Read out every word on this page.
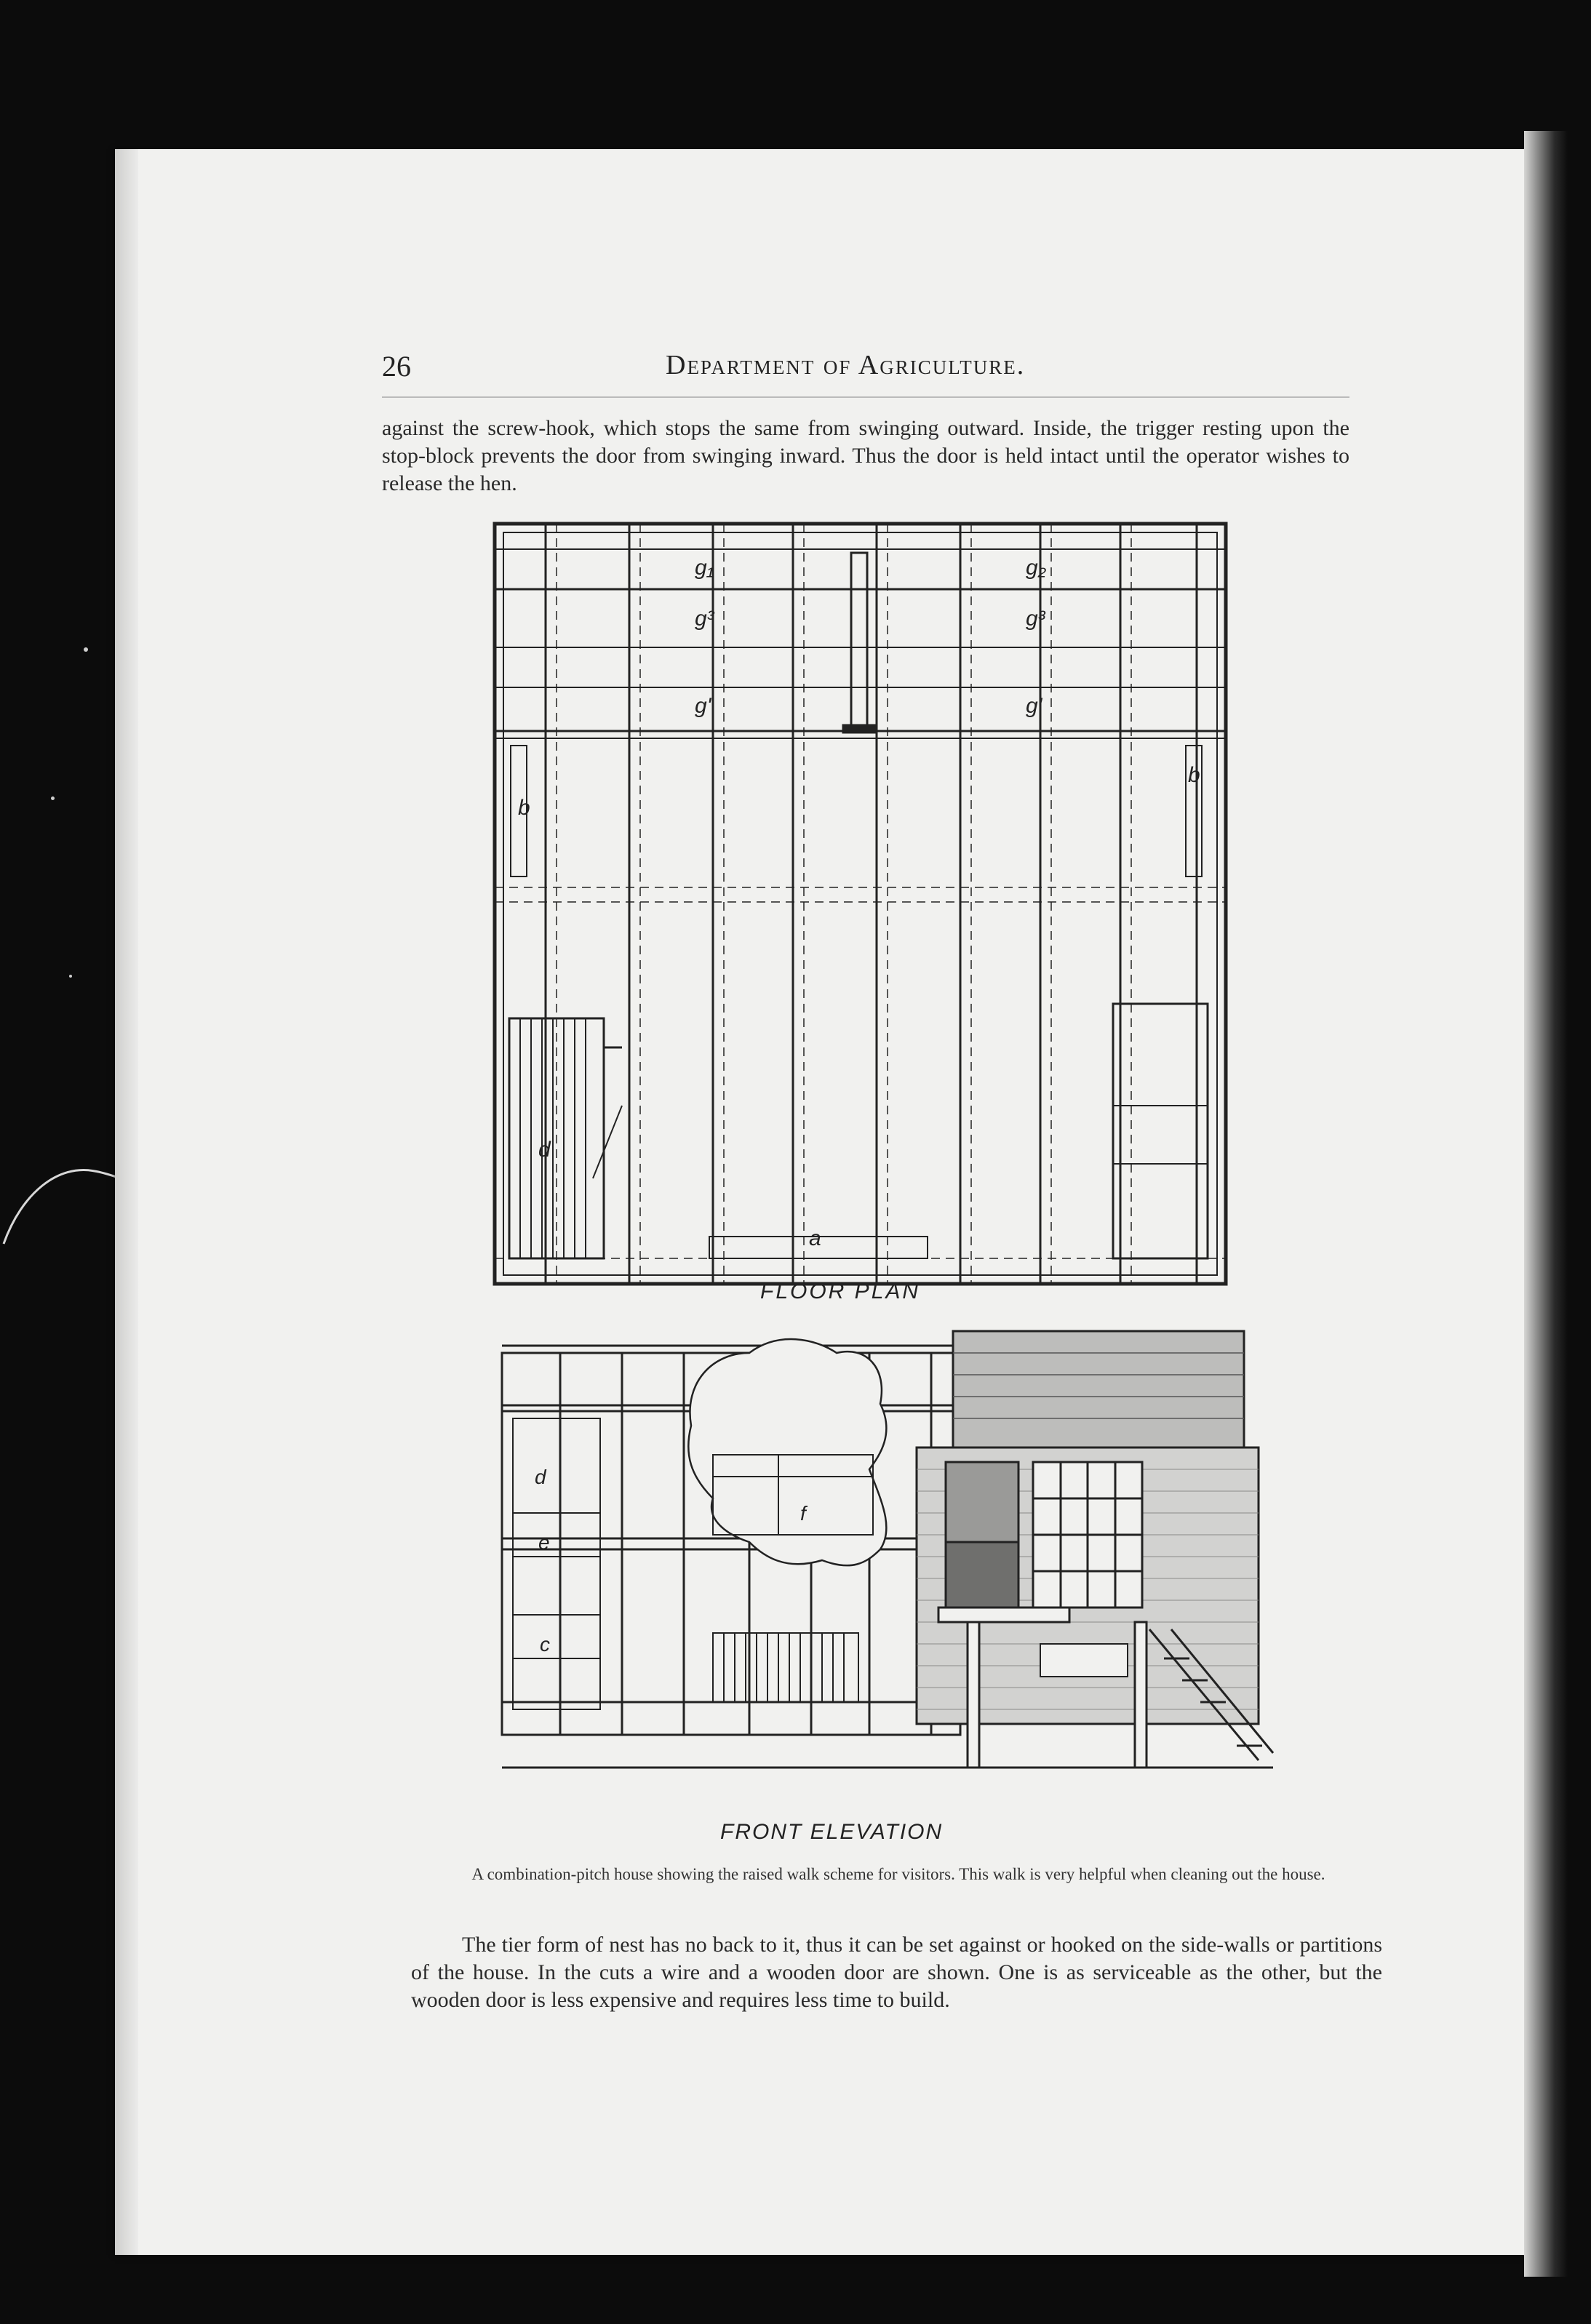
26	Department of Agriculture.
against the screw-hook, which stops the same from swinging outward. Inside, the trigger resting upon the stop-block prevents the door from swinging inward. Thus the door is held intact until the operator wishes to release the hen.
g₁	g₂
g³	g³
g'	g'
b
b
d
a
FLOOR PLAN
f
d
e
c
FRONT ELEVATION
A combination-pitch house showing the raised walk scheme for visitors. This walk is very helpful when cleaning out the house.
The tier form of nest has no back to it, thus it can be set against or hooked on the side-walls or partitions of the house. In the cuts a wire and a wooden door are shown. One is as serviceable as the other, but the wooden door is less expensive and requires less time to build.
